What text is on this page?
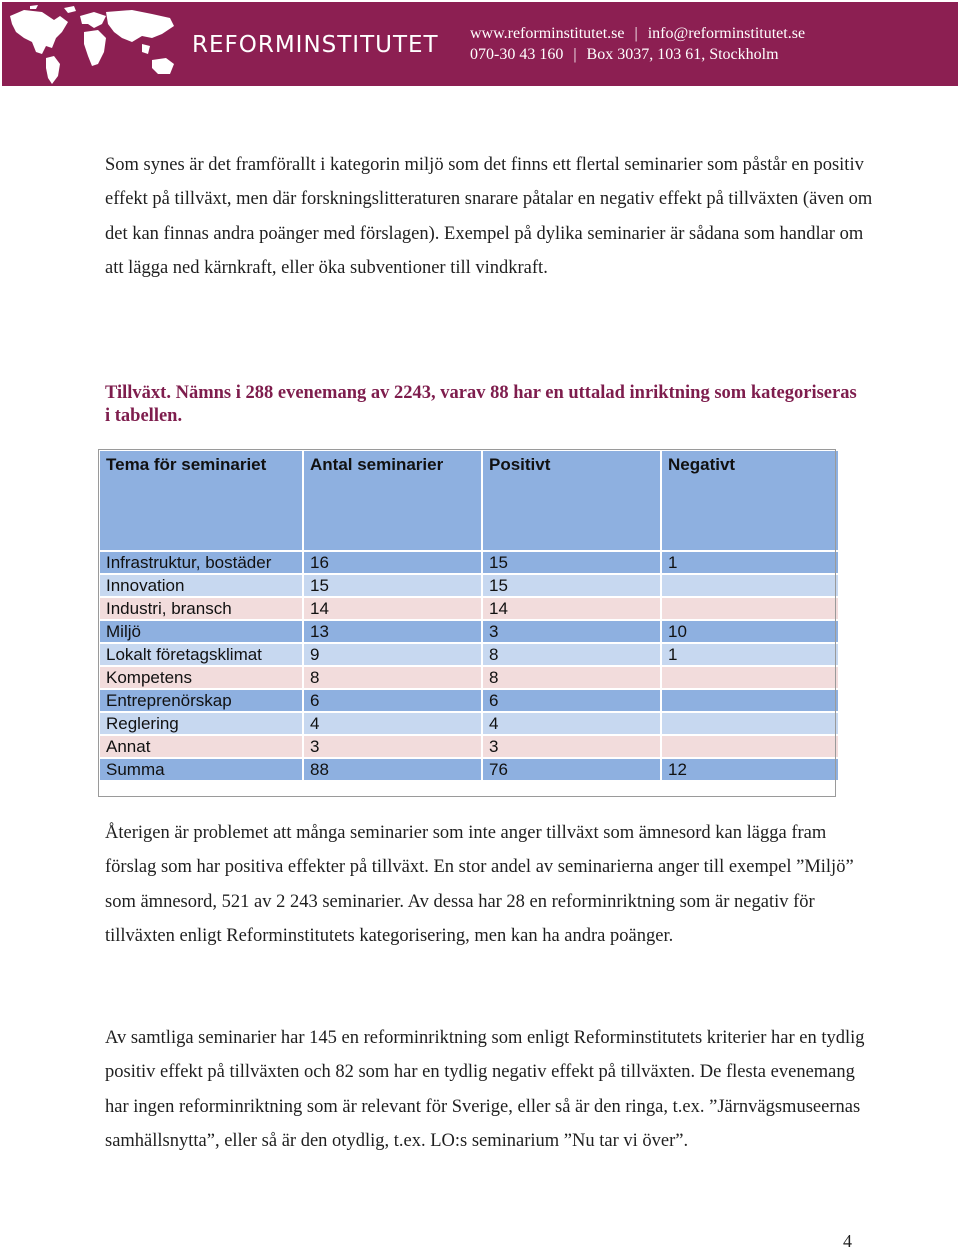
REFORMINSTITUTET www.reforminstitutet.se | info@reforminstitutet.se
070-30 43 160 | Box 3037, 103 61, Stockholm

Som synes är det framförallt i kategorin miljö som det finns ett flertal seminarier som påstår en positiv effekt på tillväxt, men där forskningslitteraturen snarare påtalar en negativ effekt på tillväxten (även om det kan finnas andra poänger med förslagen). Exempel på dylika seminarier är sådana som handlar om att lägga ned kärnkraft, eller öka subventioner till vindkraft.

Tillväxt. Nämns i 288 evenemang av 2243, varav 88 har en uttalad inriktning som kategoriseras i tabellen.

Tema för seminariet	Antal seminarier	Positivt	Negativt
Infrastruktur, bostäder	16	15	1
Innovation	15	15	
Industri, bransch	14	14	
Miljö	13	3	10
Lokalt företagsklimat	9	8	1
Kompetens	8	8	
Entreprenörskap	6	6	
Reglering	4	4	
Annat	3	3	
Summa	88	76	12

Återigen är problemet att många seminarier som inte anger tillväxt som ämnesord kan lägga fram förslag som har positiva effekter på tillväxt. En stor andel av seminarierna anger till exempel ”Miljö” som ämnesord, 521 av 2 243 seminarier. Av dessa har 28 en reforminriktning som är negativ för tillväxten enligt Reforminstitutets kategorisering, men kan ha andra poänger.

Av samtliga seminarier har 145 en reforminriktning som enligt Reforminstitutets kriterier har en tydlig positiv effekt på tillväxten och 82 som har en tydlig negativ effekt på tillväxten. De flesta evenemang har ingen reforminriktning som är relevant för Sverige, eller så är den ringa, t.ex. ”Järnvägsmuseernas samhällsnytta”, eller så är den otydlig, t.ex. LO:s seminarium ”Nu tar vi över”.

4
